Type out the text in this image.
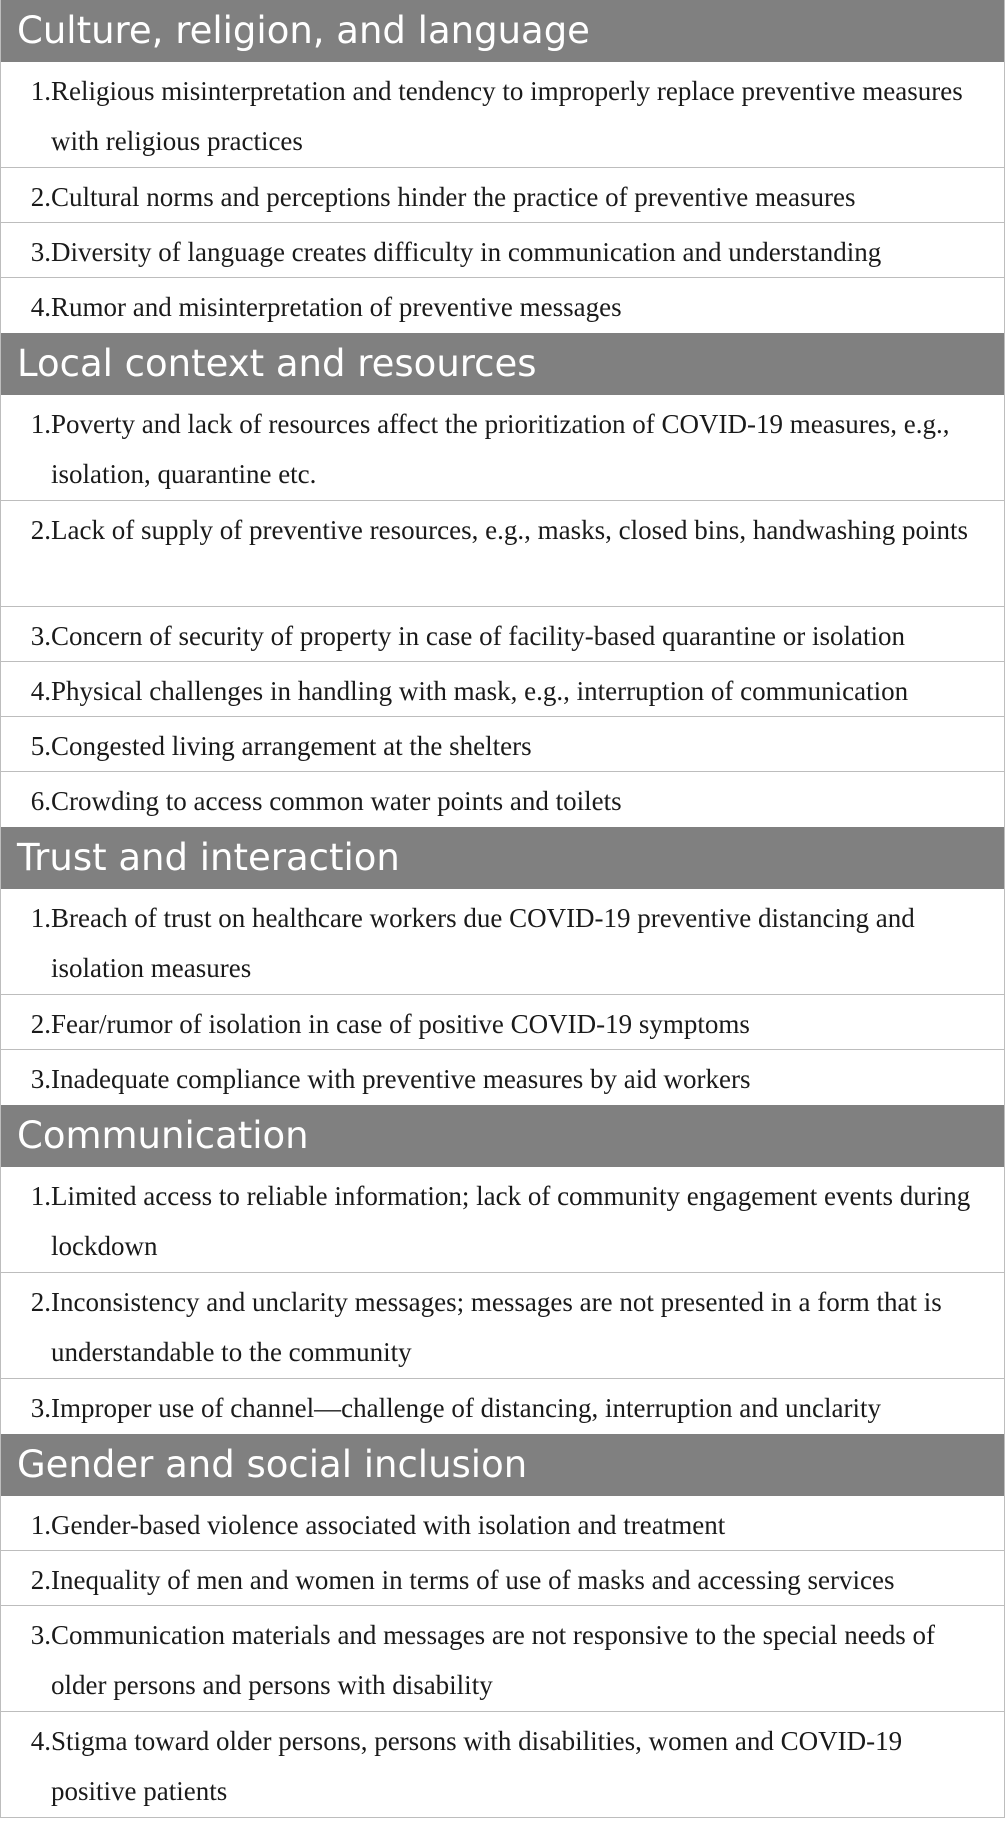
Culture, religion, and language
1. Religious misinterpretation and tendency to improperly replace preventive measures with religious practices
2. Cultural norms and perceptions hinder the practice of preventive measures
3. Diversity of language creates difficulty in communication and understanding
4. Rumor and misinterpretation of preventive messages
Local context and resources
1. Poverty and lack of resources affect the prioritization of COVID-19 measures, e.g., isolation, quarantine etc.
2. Lack of supply of preventive resources, e.g., masks, closed bins, handwashing points
3. Concern of security of property in case of facility-based quarantine or isolation
4. Physical challenges in handling with mask, e.g., interruption of communication
5. Congested living arrangement at the shelters
6. Crowding to access common water points and toilets
Trust and interaction
1. Breach of trust on healthcare workers due COVID-19 preventive distancing and isolation measures
2. Fear/rumor of isolation in case of positive COVID-19 symptoms
3. Inadequate compliance with preventive measures by aid workers
Communication
1. Limited access to reliable information; lack of community engagement events during lockdown
2. Inconsistency and unclarity messages; messages are not presented in a form that is understandable to the community
3. Improper use of channel—challenge of distancing, interruption and unclarity
Gender and social inclusion
1. Gender-based violence associated with isolation and treatment
2. Inequality of men and women in terms of use of masks and accessing services
3. Communication materials and messages are not responsive to the special needs of older persons and persons with disability
4. Stigma toward older persons, persons with disabilities, women and COVID-19 positive patients
